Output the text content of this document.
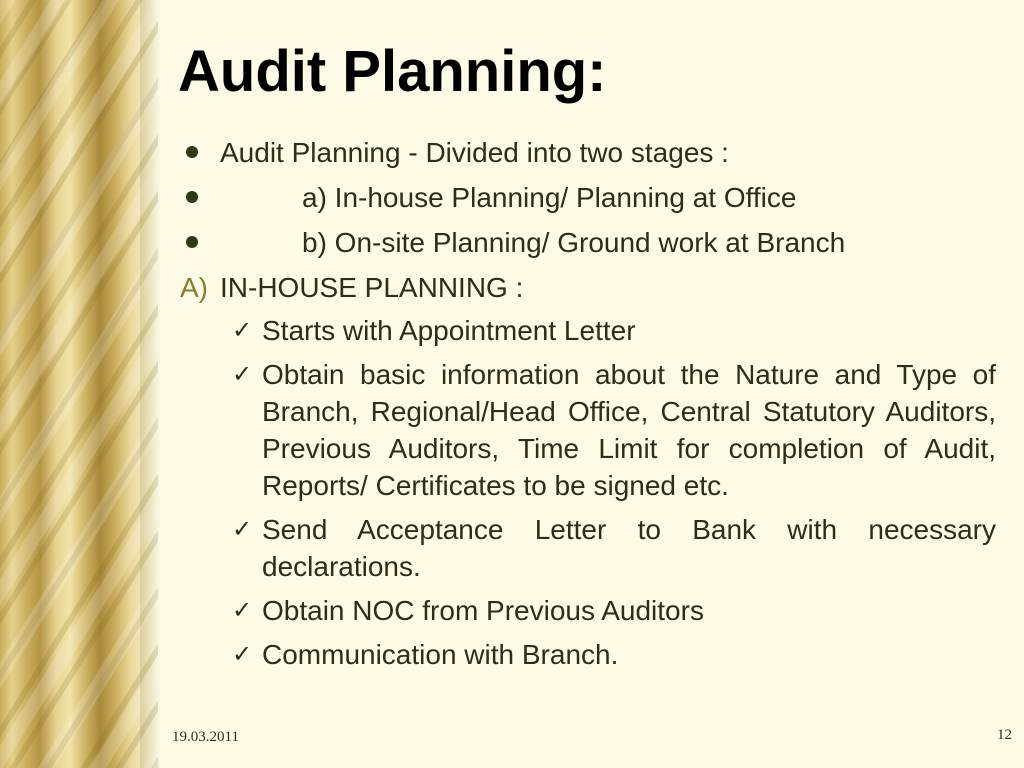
Audit Planning:
Audit Planning - Divided into two stages :
a) In-house Planning/ Planning at Office
b) On-site Planning/ Ground work at Branch
A) IN-HOUSE PLANNING :
✓ Starts with Appointment Letter
✓ Obtain basic information about the Nature and Type of Branch, Regional/Head Office, Central Statutory Auditors, Previous Auditors, Time Limit for completion of Audit, Reports/ Certificates to be signed etc.
✓ Send Acceptance Letter to Bank with necessary declarations.
✓ Obtain NOC from Previous Auditors
✓ Communication with Branch.
19.03.2011	12
